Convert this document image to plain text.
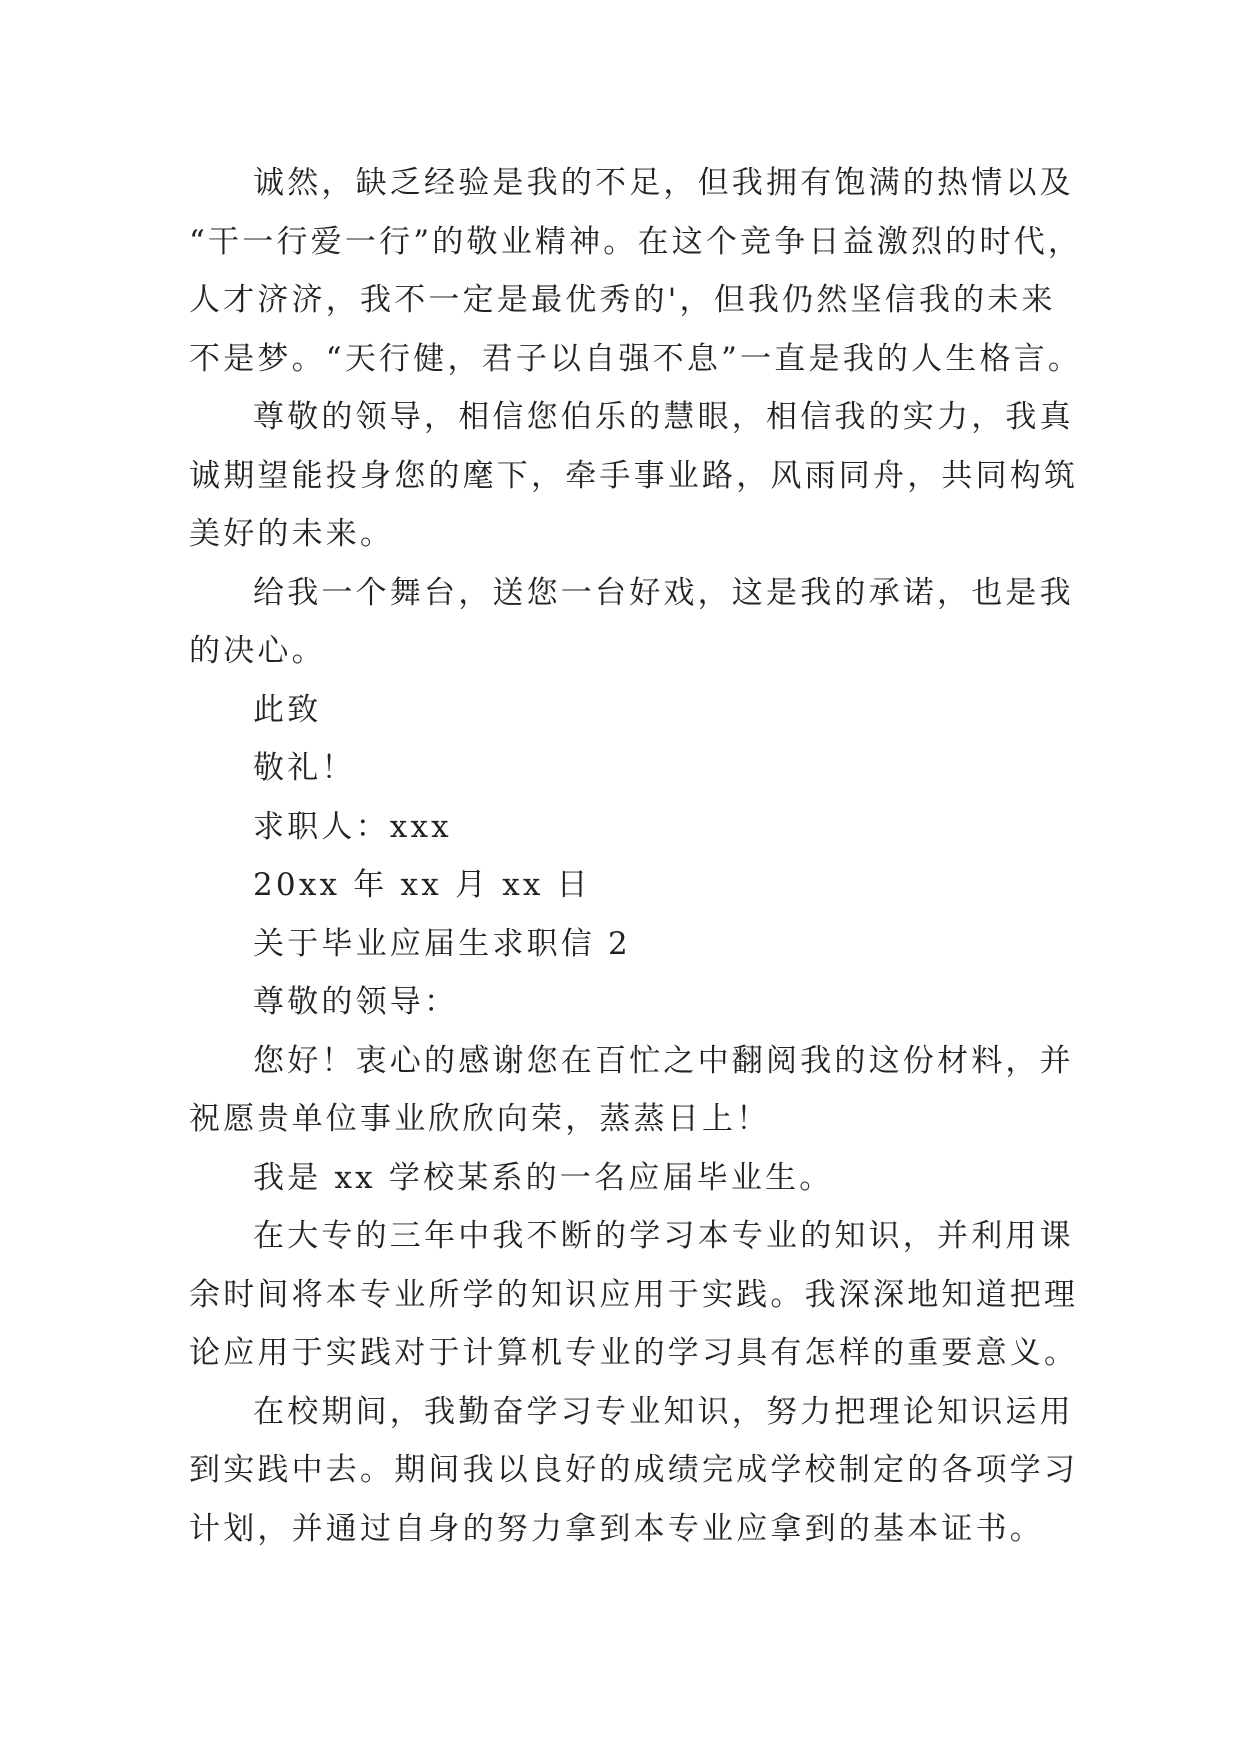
诚然，缺乏经验是我的不足，但我拥有饱满的热情以及
“干一行爱一行”的敬业精神。在这个竞争日益激烈的时代，
人才济济，我不一定是最优秀的'，但我仍然坚信我的未来
不是梦。“天行健，君子以自强不息”一直是我的人生格言。
尊敬的领导，相信您伯乐的慧眼，相信我的实力，我真
诚期望能投身您的麾下，牵手事业路，风雨同舟，共同构筑
美好的未来。
给我一个舞台，送您一台好戏，这是我的承诺，也是我
的决心。
此致
敬礼！
求职人：xxx
20xx 年 xx 月 xx 日
关于毕业应届生求职信 2
尊敬的领导：
您好！衷心的感谢您在百忙之中翻阅我的这份材料，并
祝愿贵单位事业欣欣向荣，蒸蒸日上！
我是 xx 学校某系的一名应届毕业生。
在大专的三年中我不断的学习本专业的知识，并利用课
余时间将本专业所学的知识应用于实践。我深深地知道把理
论应用于实践对于计算机专业的学习具有怎样的重要意义。
在校期间，我勤奋学习专业知识，努力把理论知识运用
到实践中去。期间我以良好的成绩完成学校制定的各项学习
计划，并通过自身的努力拿到本专业应拿到的基本证书。
